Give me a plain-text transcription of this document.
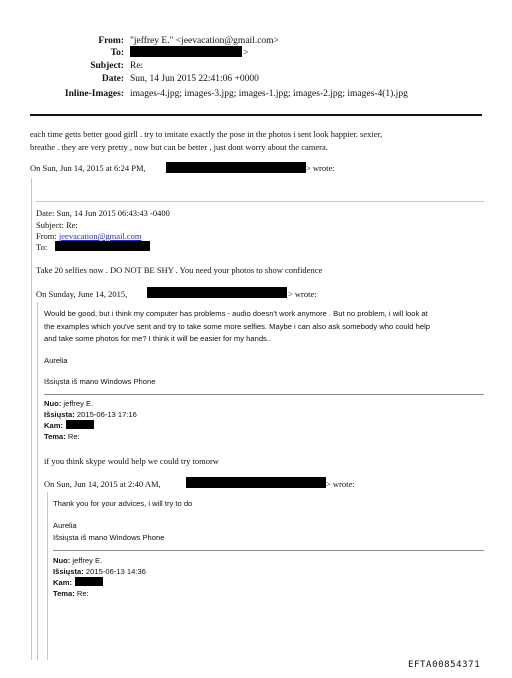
From: "jeffrey E." <jeevacation@gmail.com>
To:	>
Subject: Re:
Date: Sun, 14 Jun 2015 22:41:06 +0000
Inline-Images: images-4.jpg; images-3.jpg; images-1.jpg; images-2.jpg; images-4(1).jpg
each time getts better good girll . try to imitate exactly the pose in the photos i sent look happier. sexier,
breathe . they are very pretty , now but can be better , just dont worry about the camera.
On Sun, Jun 14, 2015 at 6:24 PM,	> wrote:
Date: Sun, 14 Jun 2015 06:43:43 -0400
Subject: Re:
From: jeevacation@gmail.com
To:
Take 20 selfies now . DO NOT BE SHY . You need your photos to show confidence
On Sunday, June 14, 2015,	> wrote:
Would be good, but i think my computer has problems - audio doesn't work anymore . But no problem, i will look at
the examples which you've sent and try to take some more selfies. Maybe i can also ask somebody who could help
and take some photos for me? I think it will be easier for my hands..
Aurelia
Išsiųsta iš mano Windows Phone
Nuo: jeffrey E.
Išsiųsta: 2015-06-13 17:16
Kam:
Tema: Re:
if you think skype would help we could try tomorw
On Sun, Jun 14, 2015 at 2:40 AM,	> wrote:
Thank you for your advices, i will try to do
Aurelia
Išsiųsta iš mano Windows Phone
Nuo: jeffrey E.
Išsiųsta: 2015-06-13 14:36
Kam:
Tema: Re:
EFTA00854371
